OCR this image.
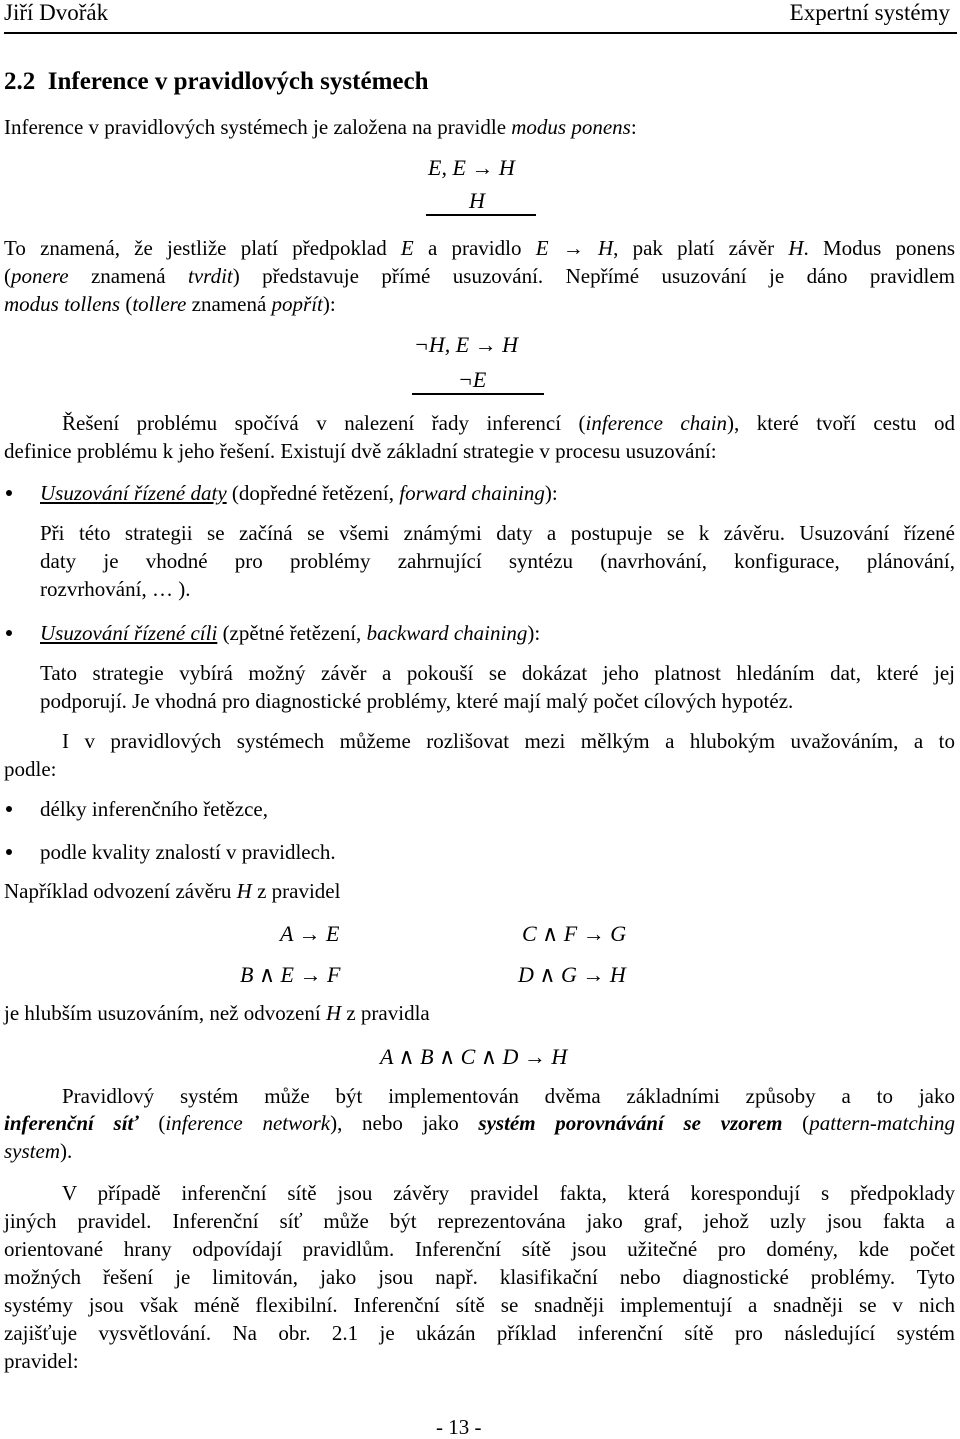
Jiří Dvořák	Expertní systémy
2.2 Inference v pravidlových systémech
Inference v pravidlových systémech je založena na pravidle modus ponens:
E, E → H
H
To znamená, že jestliže platí předpoklad E a pravidlo E → H, pak platí závěr H. Modus ponens
(ponere znamená tvrdit) představuje přímé usuzování. Nepřímé usuzování je dáno pravidlem
modus tollens (tollere znamená popřít):
¬H, E → H
¬E
Řešení problému spočívá v nalezení řady inferencí (inference chain), které tvoří cestu od
definice problému k jeho řešení. Existují dvě základní strategie v procesu usuzování:
Usuzování řízené daty (dopředné řetězení, forward chaining):
Při této strategii se začíná se všemi známými daty a postupuje se k závěru. Usuzování řízené
daty je vhodné pro problémy zahrnující syntézu (navrhování, konfigurace, plánování,
rozvrhování, … ).
Usuzování řízené cíli (zpětné řetězení, backward chaining):
Tato strategie vybírá možný závěr a pokouší se dokázat jeho platnost hledáním dat, které jej
podporují. Je vhodná pro diagnostické problémy, které mají malý počet cílových hypotéz.
I v pravidlových systémech můžeme rozlišovat mezi mělkým a hlubokým uvažováním, a to
podle:
délky inferenčního řetězce,
podle kvality znalostí v pravidlech.
Například odvození závěru H z pravidel
A → E	C ∧ F → G
B ∧ E → F	D ∧ G → H
je hlubším usuzováním, než odvození H z pravidla
A ∧ B ∧ C ∧ D → H
Pravidlový systém může být implementován dvěma základními způsoby a to jako
inferenční síť (inference network), nebo jako systém porovnávání se vzorem (pattern-matching
system).
V případě inferenční sítě jsou závěry pravidel fakta, která korespondují s předpoklady
jiných pravidel. Inferenční síť může být reprezentována jako graf, jehož uzly jsou fakta a
orientované hrany odpovídají pravidlům. Inferenční sítě jsou užitečné pro domény, kde počet
možných řešení je limitován, jako jsou např. klasifikační nebo diagnostické problémy. Tyto
systémy jsou však méně flexibilní. Inferenční sítě se snadněji implementují a snadněji se v nich
zajišťuje vysvětlování. Na obr. 2.1 je ukázán příklad inferenční sítě pro následující systém
pravidel:
- 13 -
